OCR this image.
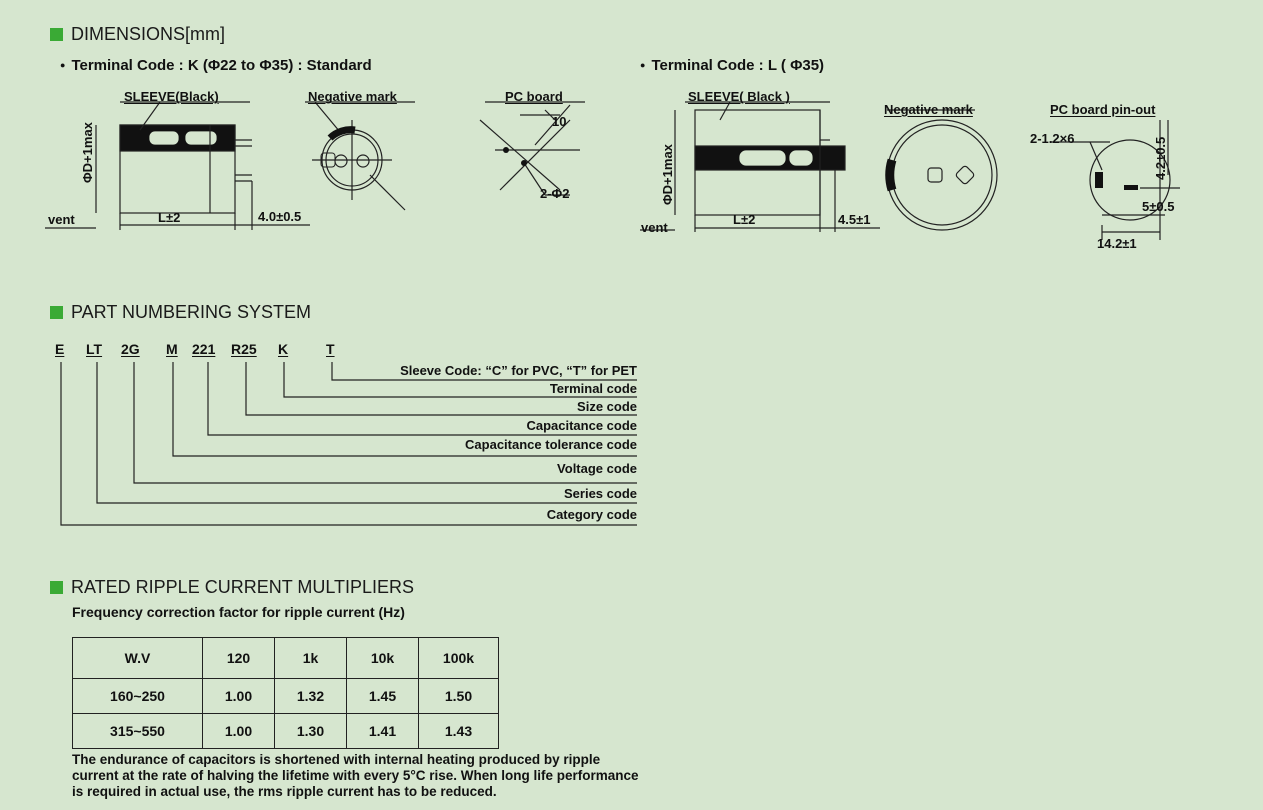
DIMENSIONS[mm]
● Terminal Code : K (Φ22 to Φ35) : Standard	● Terminal Code : L ( Φ35)
SLEEVE(Black)	Negative mark	PC board
ΦD+1max
vent	L±2	4.0±0.5
10
2-Φ2
SLEEVE( Black )
Negative mark	PC board pin-out
ΦD+1max
vent
L±2	4.5±1
2-1.2×6	4.2±0.5
5±0.5
14.2±1
PART NUMBERING SYSTEM
E LT 2G M 221 R25 K	T
Sleeve Code: “C” for PVC, “T” for PET
Terminal code
Size code
Capacitance code
Capacitance tolerance code
Voltage code
Series code
Category code
RATED RIPPLE CURRENT MULTIPLIERS
Frequency correction factor for ripple current (Hz)
W.V	120	1k	10k	100k
160~250	1.00	1.32	1.45	1.50
315~550	1.00	1.30	1.41	1.43
The endurance of capacitors is shortened with internal heating produced by ripple current at the rate of halving the lifetime with every 5°C rise. When long life performance is required in actual use, the rms ripple current has to be reduced.
